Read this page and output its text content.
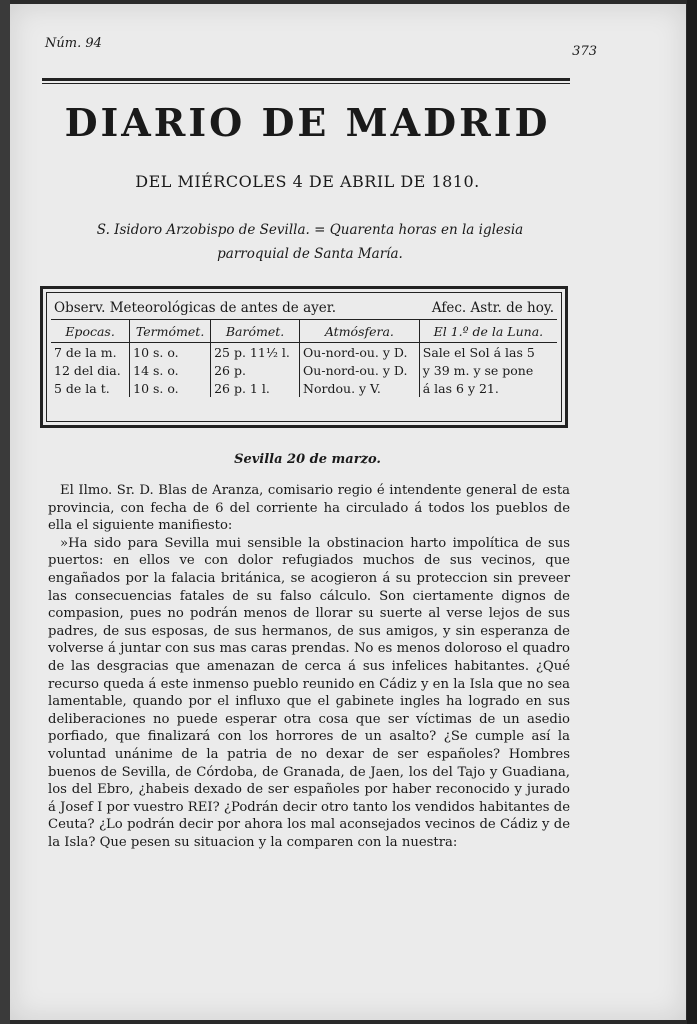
Núm. 94
373
DIARIO DE MADRID
DEL MIÉRCOLES 4 DE ABRIL DE 1810.
S. Isidoro Arzobispo de Sevilla. = Quarenta horas en la iglesia parroquial de Santa María.
Observ. Meteorológicas de antes de ayer.				Afec. Astr. de hoy.
Epocas.	Termómet.	Barómet.	Atmósfera.	El 1.º de la Luna.
7 de la m.	10 s. o.	25 p. 11½ l.	Ou-nord-ou. y D.	Sale el Sol á las 5
12 del dia.	14 s. o.	26 p.	Ou-nord-ou. y D.	y 39 m. y se pone
5 de la t.	10 s. o.	26 p. 1 l.	Nordou. y V.	á las 6 y 21.
Sevilla 20 de marzo.

El Ilmo. Sr. D. Blas de Aranza, comisario regio é intendente general de esta provincia, con fecha de 6 del corriente ha circulado á todos los pueblos de ella el siguiente manifiesto:

»Ha sido para Sevilla mui sensible la obstinacion harto impolítica de sus puertos: en ellos ve con dolor refugiados muchos de sus vecinos, que engañados por la falacia británica, se acogieron á su proteccion sin preveer las consecuencias fatales de su falso cálculo. Son ciertamente dignos de compasion, pues no podrán menos de llorar su suerte al verse lejos de sus padres, de sus esposas, de sus hermanos, de sus amigos, y sin esperanza de volverse á juntar con sus mas caras prendas. No es menos doloroso el quadro de las desgracias que amenazan de cerca á sus infelices habitantes. ¿Qué recurso queda á este inmenso pueblo reunido en Cádiz y en la Isla que no sea lamentable, quando por el influxo que el gabinete ingles ha logrado en sus deliberaciones no puede esperar otra cosa que ser víctimas de un asedio porfiado, que finalizará con los horrores de un asalto? ¿Se cumple así la voluntad unánime de la patria de no dexar de ser españoles? Hombres buenos de Sevilla, de Córdoba, de Granada, de Jaen, los del Tajo y Guadiana, los del Ebro, ¿habeis dexado de ser españoles por haber reconocido y jurado á Josef I por vuestro REI? ¿Podrán decir otro tanto los vendidos habitantes de Ceuta? ¿Lo podrán decir por ahora los mal aconsejados vecinos de Cádiz y de la Isla? Que pesen su situacion y la comparen con la nuestra:
